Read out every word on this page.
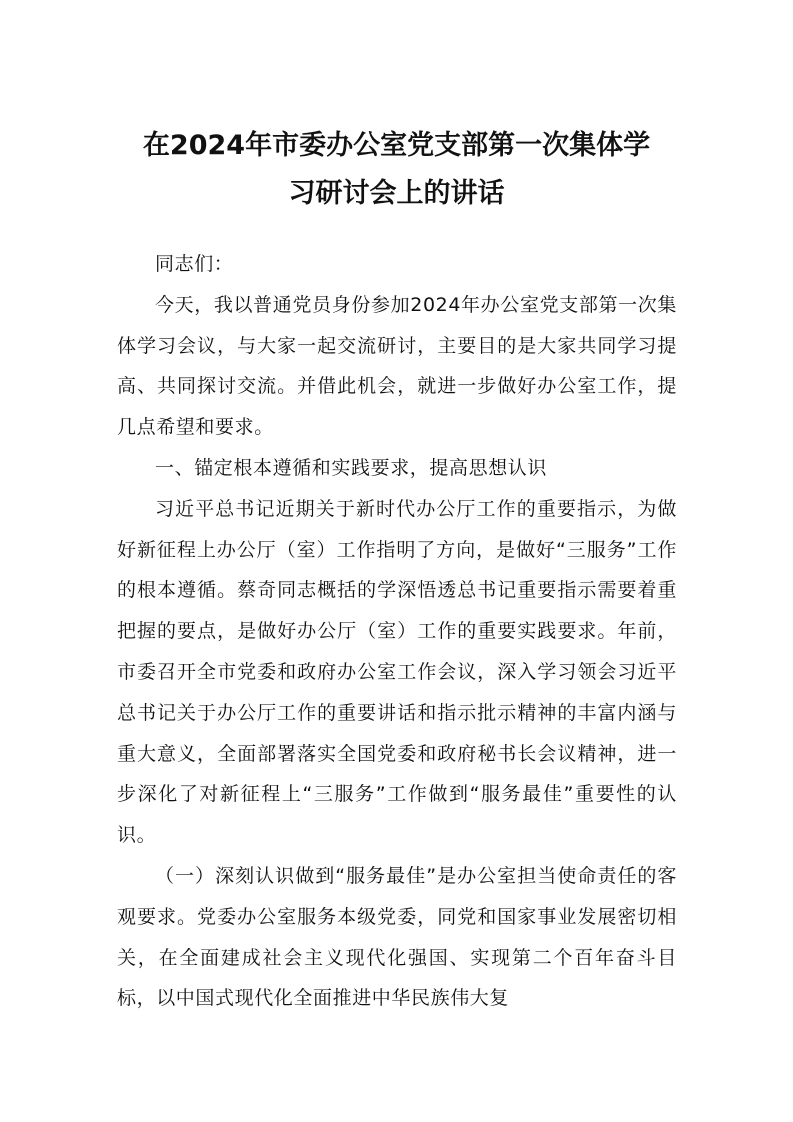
在2024年市委办公室党支部第一次集体学
习研讨会上的讲话

同志们：

今天，我以普通党员身份参加2024年办公室党支部第一次集体学习会议，与大家一起交流研讨，主要目的是大家共同学习提高、共同探讨交流。并借此机会，就进一步做好办公室工作，提几点希望和要求。

一、锚定根本遵循和实践要求，提高思想认识

习近平总书记近期关于新时代办公厅工作的重要指示，为做好新征程上办公厅（室）工作指明了方向，是做好“三服务”工作的根本遵循。蔡奇同志概括的学深悟透总书记重要指示需要着重把握的要点，是做好办公厅（室）工作的重要实践要求。年前，市委召开全市党委和政府办公室工作会议，深入学习领会习近平总书记关于办公厅工作的重要讲话和指示批示精神的丰富内涵与重大意义，全面部署落实全国党委和政府秘书长会议精神，进一步深化了对新征程上“三服务”工作做到“服务最佳”重要性的认识。

（一）深刻认识做到“服务最佳”是办公室担当使命责任的客观要求。党委办公室服务本级党委，同党和国家事业发展密切相关，在全面建成社会主义现代化强国、实现第二个百年奋斗目标，以中国式现代化全面推进中华民族伟大复
